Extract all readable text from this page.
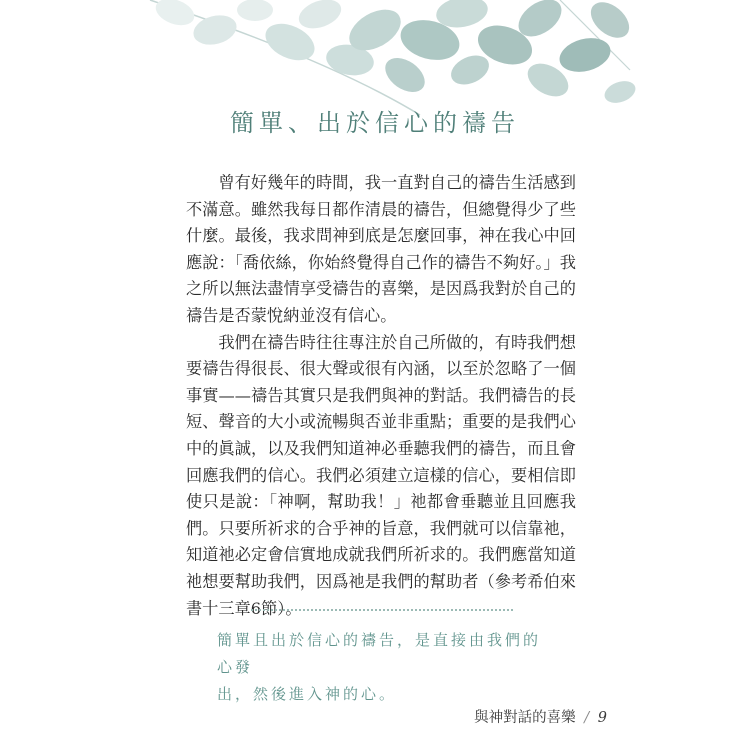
簡單、出於信心的禱告

曾有好幾年的時間，我一直對自己的禱告生活感到不滿意。雖然我每日都作清晨的禱告，但總覺得少了些什麼。最後，我求問神到底是怎麼回事，神在我心中回應說：「喬依絲，你始終覺得自己作的禱告不夠好。」我之所以無法盡情享受禱告的喜樂，是因爲我對於自己的禱告是否蒙悅納並沒有信心。

我們在禱告時往往專注於自己所做的，有時我們想要禱告得很長、很大聲或很有內涵，以至於忽略了一個事實——禱告其實只是我們與神的對話。我們禱告的長短、聲音的大小或流暢與否並非重點；重要的是我們心中的眞誠，以及我們知道神必垂聽我們的禱告，而且會回應我們的信心。我們必須建立這樣的信心，要相信即使只是說：「神啊，幫助我！」祂都會垂聽並且回應我們。只要所祈求的合乎神的旨意，我們就可以信靠祂，知道祂必定會信實地成就我們所祈求的。我們應當知道祂想要幫助我們，因爲祂是我們的幫助者（參考希伯來書十三章6節）。

簡單且出於信心的禱告，是直接由我們的心發
出，然後進入神的心。
與神對話的喜樂 / 9
